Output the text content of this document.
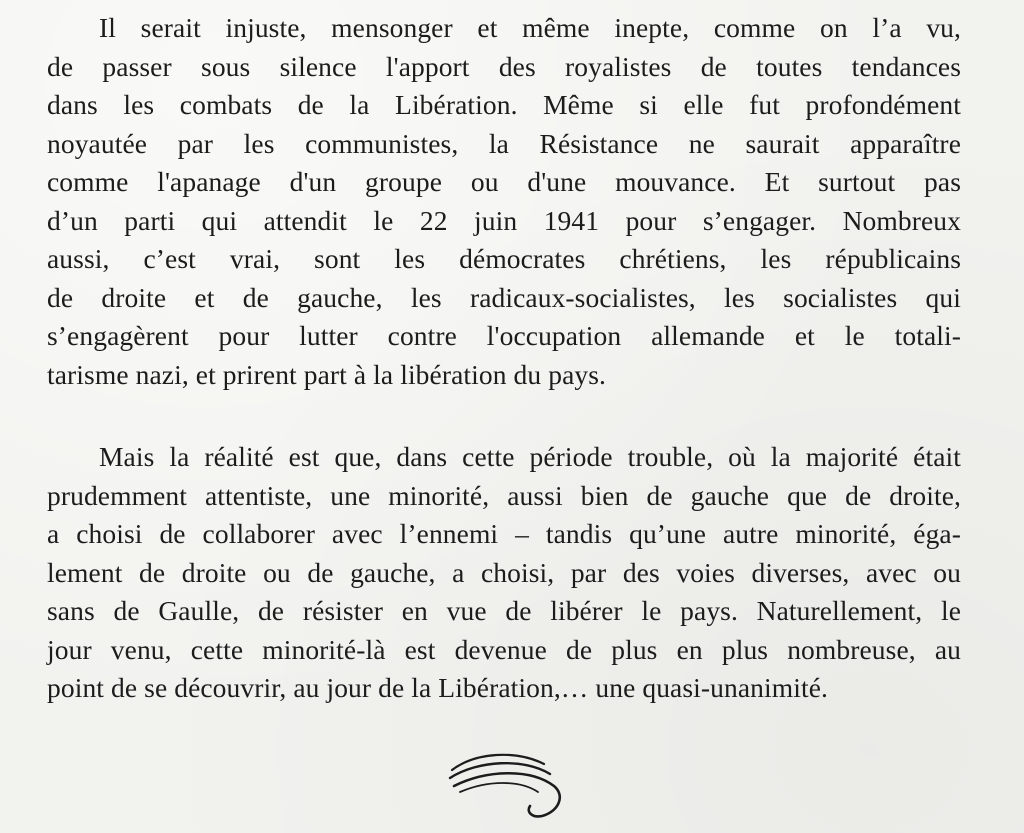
Il serait injuste, mensonger et même inepte, comme on l’a vu,
de passer sous silence l'apport des royalistes de toutes tendances
dans les combats de la Libération. Même si elle fut profondément
noyautée par les communistes, la Résistance ne saurait apparaître
comme l'apanage d'un groupe ou d'une mouvance. Et surtout pas
d’un parti qui attendit le 22 juin 1941 pour s’engager. Nombreux
aussi, c’est vrai, sont les démocrates chrétiens, les républicains
de droite et de gauche, les radicaux-socialistes, les socialistes qui
s’engagèrent pour lutter contre l'occupation allemande et le totali-
tarisme nazi, et prirent part à la libération du pays.
Mais la réalité est que, dans cette période trouble, où la majorité était
prudemment attentiste, une minorité, aussi bien de gauche que de droite,
a choisi de collaborer avec l’ennemi – tandis qu’une autre minorité, éga-
lement de droite ou de gauche, a choisi, par des voies diverses, avec ou
sans de Gaulle, de résister en vue de libérer le pays. Naturellement, le
jour venu, cette minorité-là est devenue de plus en plus nombreuse, au
point de se découvrir, au jour de la Libération,… une quasi-unanimité.
